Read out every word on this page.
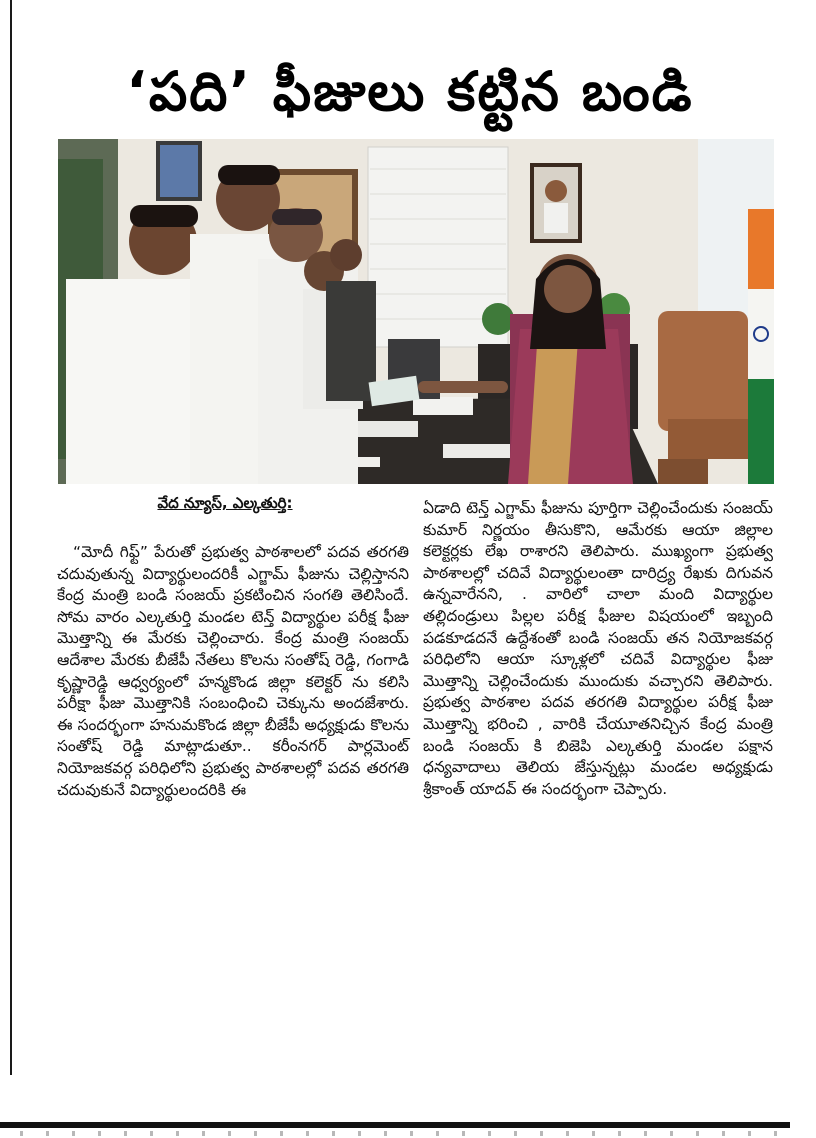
‘పది’ ఫీజులు కట్టిన బండి
వేద న్యూస్, ఎల్కతుర్తి:

“మోదీ గిఫ్ట్” పేరుతో ప్రభుత్వ పాఠశాలలో పదవ తరగతి చదువుతున్న విద్యార్థులందరికీ ఎగ్జామ్ ఫీజును చెల్లిస్తానని కేంద్ర మంత్రి బండి సంజయ్ ప్రకటించిన సంగతి తెలిసిందే. సోమ వారం ఎల్కతుర్తి మండల టెన్త్ విద్యార్థుల పరీక్ష ఫీజు మొత్తాన్ని ఈ మేరకు చెల్లించారు. కేంద్ర మంత్రి సంజయ్ ఆదేశాల మేరకు బీజేపీ నేతలు కొలను సంతోష్ రెడ్డి, గంగాడి కృష్ణారెడ్డి ఆధ్వర్యంలో హన్మకొండ జిల్లా కలెక్టర్ ను కలిసి పరీక్షా ఫీజు మొత్తానికి సంబంధించి చెక్కును అందజేశారు. ఈ సందర్భంగా హనుమకొండ జిల్లా బీజేపీ అధ్యక్షుడు కొలను సంతోష్ రెడ్డి మాట్లాడుతూ.. కరీంనగర్ పార్లమెంట్ నియోజకవర్గ పరిధిలోని ప్రభుత్వ పాఠశాలల్లో పదవ తరగతి చదువుకునే విద్యార్థులందరికి ఈ

ఏడాది టెన్త్ ఎగ్జామ్ ఫీజును పూర్తిగా చెల్లించేందుకు సంజయ్ కుమార్ నిర్ణయం తీసుకొని, ఆమేరకు ఆయా జిల్లాల కలెక్టర్లకు లేఖ రాశారని తెలిపారు. ముఖ్యంగా ప్రభుత్వ పాఠశాలల్లో చదివే విద్యార్థులంతా దారిద్ర్య రేఖకు దిగువన ఉన్నవారేనని, . వారిలో చాలా మంది విద్యార్థుల తల్లిదండ్రులు పిల్లల పరీక్ష ఫీజుల విషయంలో ఇబ్బంది పడకూడదనే ఉద్దేశంతో బండి సంజయ్ తన నియోజకవర్గ పరిధిలోని ఆయా స్కూళ్లలో చదివే విద్యార్థుల ఫీజు మొత్తాన్ని చెల్లించేందుకు ముందుకు వచ్చారని తెలిపారు. ప్రభుత్వ పాఠశాల పదవ తరగతి విద్యార్థుల పరీక్ష ఫీజు మొత్తాన్ని భరించి , వారికి చేయూతనిచ్చిన కేంద్ర మంత్రి బండి సంజయ్ కి బిజెపి ఎల్కతుర్తి మండల పక్షాన ధన్యవాదాలు తెలియ జేస్తున్నట్లు మండల అధ్యక్షుడు శ్రీకాంత్ యాదవ్ ఈ సందర్భంగా చెప్పారు.
